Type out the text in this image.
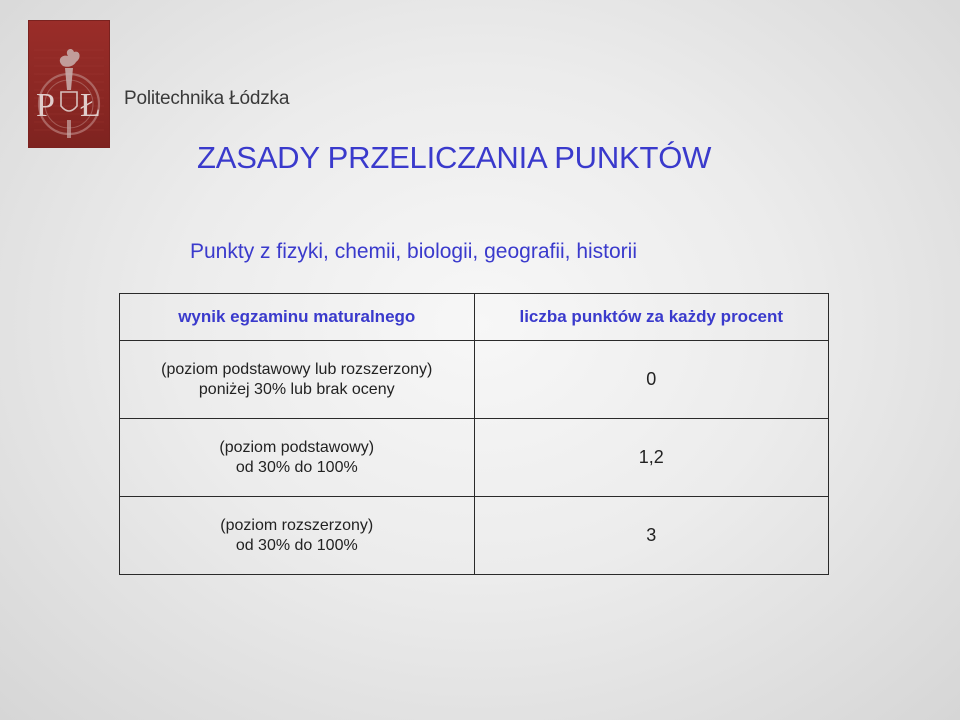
P Ł Politechnika Łódzka
ZASADY PRZELICZANIA PUNKTÓW
Punkty z fizyki, chemii, biologii, geografii, historii
wynik egzaminu maturalnego	liczba punktów za każdy procent

(poziom podstawowy lub rozszerzony)
poniżej 30% lub brak oceny	0

(poziom podstawowy)
od 30% do 100%	1,2

(poziom rozszerzony)
od 30% do 100%	3
